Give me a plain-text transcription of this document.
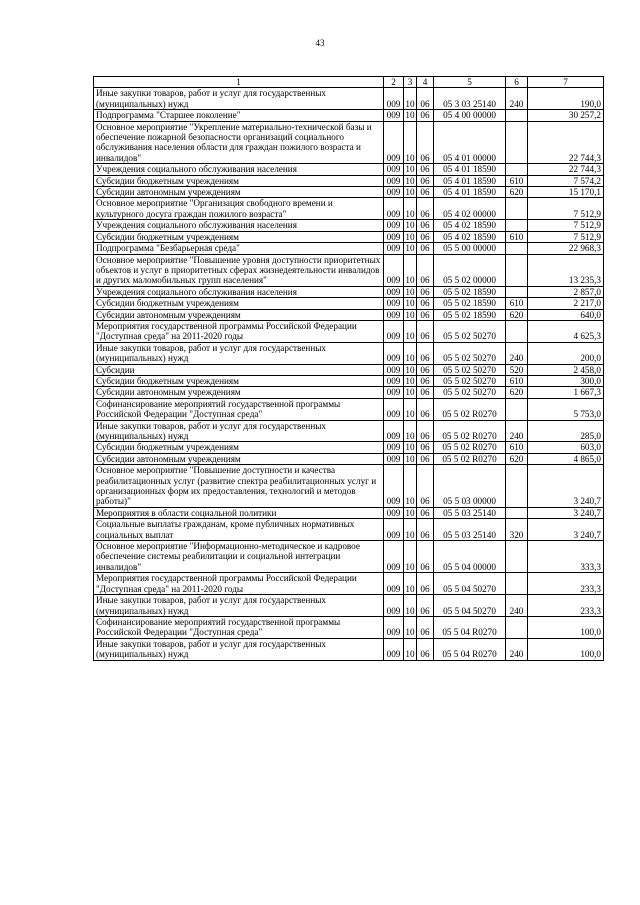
43
1	2	3	4	5	6	7
Иные закупки товаров, работ и услуг для государственных (муниципальных) нужд	009	10	06	05 3 03 25140	240	190,0
Подпрограмма "Старшее поколение"	009	10	06	05 4 00 00000		30 257,2
Основное мероприятие "Укрепление материально-технической базы и обеспечение пожарной безопасности организаций социального обслуживания населения области для граждан пожилого возраста и инвалидов"	009	10	06	05 4 01 00000		22 744,3
Учреждения социального обслуживания населения	009	10	06	05 4 01 18590		22 744,3
Субсидии бюджетным учреждениям	009	10	06	05 4 01 18590	610	7 574,2
Субсидии автономным учреждениям	009	10	06	05 4 01 18590	620	15 170,1
Основное мероприятие "Организация свободного времени и культурного досуга граждан пожилого возраста"	009	10	06	05 4 02 00000		7 512,9
Учреждения социального обслуживания населения	009	10	06	05 4 02 18590		7 512,9
Субсидии бюджетным учреждениям	009	10	06	05 4 02 18590	610	7 512,9
Подпрограмма "Безбарьерная среда"	009	10	06	05 5 00 00000		22 968,3
Основное мероприятие "Повышение уровня доступности приоритетных объектов и услуг в приоритетных сферах жизнедеятельности инвалидов и других маломобильных групп населения"	009	10	06	05 5 02 00000		13 235,3
Учреждения социального обслуживания населения	009	10	06	05 5 02 18590		2 857,0
Субсидии бюджетным учреждениям	009	10	06	05 5 02 18590	610	2 217,0
Субсидии автономным учреждениям	009	10	06	05 5 02 18590	620	640,0
Мероприятия государственной программы Российской Федерации "Доступная среда" на 2011-2020 годы	009	10	06	05 5 02 50270		4 625,3
Иные закупки товаров, работ и услуг для государственных (муниципальных) нужд	009	10	06	05 5 02 50270	240	200,0
Субсидии	009	10	06	05 5 02 50270	520	2 458,0
Субсидии бюджетным учреждениям	009	10	06	05 5 02 50270	610	300,0
Субсидии автономным учреждениям	009	10	06	05 5 02 50270	620	1 667,3
Софинансирование мероприятий государственной программы Российской Федерации "Доступная среда"	009	10	06	05 5 02 R0270		5 753,0
Иные закупки товаров, работ и услуг для государственных (муниципальных) нужд	009	10	06	05 5 02 R0270	240	285,0
Субсидии бюджетным учреждениям	009	10	06	05 5 02 R0270	610	603,0
Субсидии автономным учреждениям	009	10	06	05 5 02 R0270	620	4 865,0
Основное мероприятие "Повышение доступности и качества реабилитационных услуг (развитие спектра реабилитационных услуг и организационных форм их предоставления, технологий и методов работы)"	009	10	06	05 5 03 00000		3 240,7
Мероприятия в области социальной политики	009	10	06	05 5 03 25140		3 240,7
Социальные выплаты гражданам, кроме публичных нормативных социальных выплат	009	10	06	05 5 03 25140	320	3 240,7
Основное мероприятие "Информационно-методическое и кадровое обеспечение системы реабилитации и социальной интеграции инвалидов"	009	10	06	05 5 04 00000		333,3
Мероприятия государственной программы Российской Федерации "Доступная среда" на 2011-2020 годы	009	10	06	05 5 04 50270		233,3
Иные закупки товаров, работ и услуг для государственных (муниципальных) нужд	009	10	06	05 5 04 50270	240	233,3
Софинансирование мероприятий государственной программы Российской Федерации "Доступная среда"	009	10	06	05 5 04 R0270		100,0
Иные закупки товаров, работ и услуг для государственных (муниципальных) нужд	009	10	06	05 5 04 R0270	240	100,0
